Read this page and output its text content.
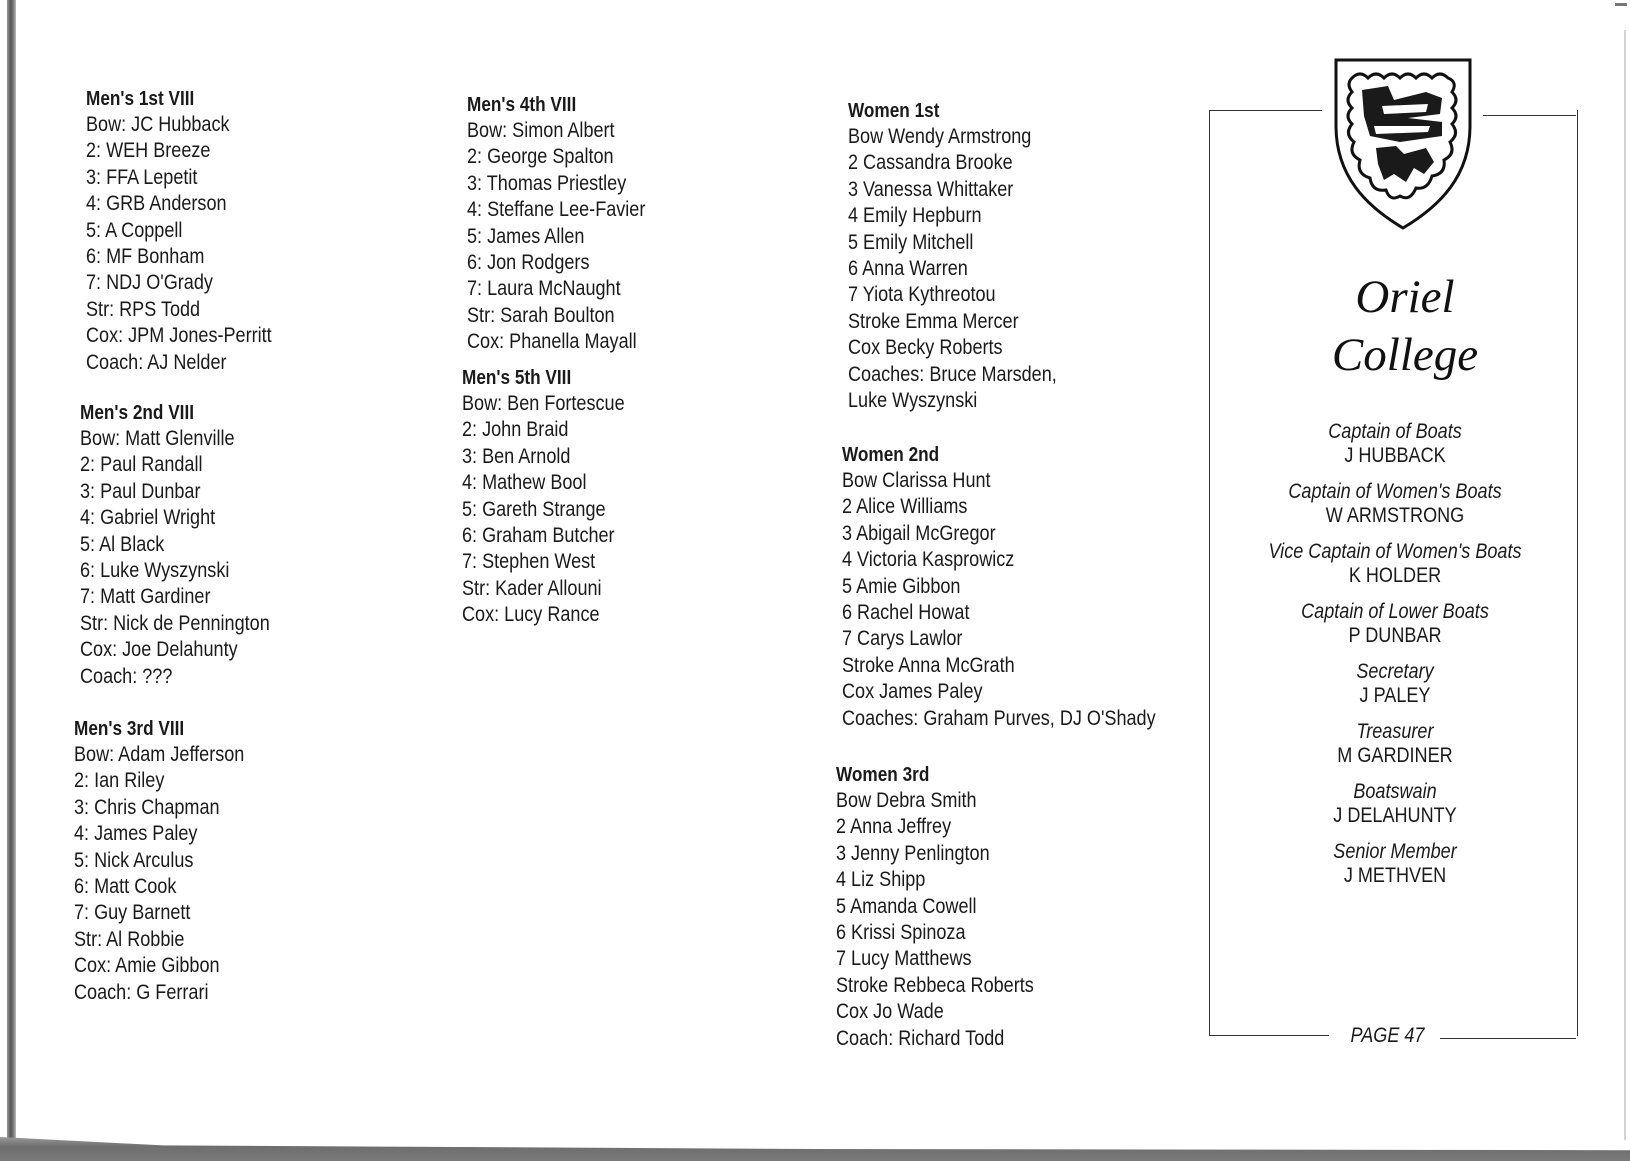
Men's 1st VIII
Bow: JC Hubback
2: WEH Breeze
3: FFA Lepetit
4: GRB Anderson
5: A Coppell
6: MF Bonham
7: NDJ O'Grady
Str: RPS Todd
Cox: JPM Jones-Perritt
Coach: AJ Nelder
Men's 2nd VIII
Bow: Matt Glenville
2: Paul Randall
3: Paul Dunbar
4: Gabriel Wright
5: Al Black
6: Luke Wyszynski
7: Matt Gardiner
Str: Nick de Pennington
Cox: Joe Delahunty
Coach: ???
Men's 3rd VIII
Bow: Adam Jefferson
2: Ian Riley
3: Chris Chapman
4: James Paley
5: Nick Arculus
6: Matt Cook
7: Guy Barnett
Str: Al Robbie
Cox: Amie Gibbon
Coach: G Ferrari
Men's 4th VIII
Bow: Simon Albert
2: George Spalton
3: Thomas Priestley
4: Steffane Lee-Favier
5: James Allen
6: Jon Rodgers
7: Laura McNaught
Str: Sarah Boulton
Cox: Phanella Mayall
Men's 5th VIII
Bow: Ben Fortescue
2: John Braid
3: Ben Arnold
4: Mathew Bool
5: Gareth Strange
6: Graham Butcher
7: Stephen West
Str: Kader Allouni
Cox: Lucy Rance
Women 1st
Bow Wendy Armstrong
2 Cassandra Brooke
3 Vanessa Whittaker
4 Emily Hepburn
5 Emily Mitchell
6 Anna Warren
7 Yiota Kythreotou
Stroke Emma Mercer
Cox Becky Roberts
Coaches: Bruce Marsden,
Luke Wyszynski
Women 2nd
Bow Clarissa Hunt
2 Alice Williams
3 Abigail McGregor
4 Victoria Kasprowicz
5 Amie Gibbon
6 Rachel Howat
7 Carys Lawlor
Stroke Anna McGrath
Cox James Paley
Coaches: Graham Purves, DJ O'Shady
Women 3rd
Bow Debra Smith
2 Anna Jeffrey
3 Jenny Penlington
4 Liz Shipp
5 Amanda Cowell
6 Krissi Spinoza
7 Lucy Matthews
Stroke Rebbeca Roberts
Cox Jo Wade
Coach: Richard Todd
Oriel
College
Captain of Boats
J HUBBACK
Captain of Women's Boats
W ARMSTRONG
Vice Captain of Women's Boats
K HOLDER
Captain of Lower Boats
P DUNBAR
Secretary
J PALEY
Treasurer
M GARDINER
Boatswain
J DELAHUNTY
Senior Member
J METHVEN
PAGE 47
